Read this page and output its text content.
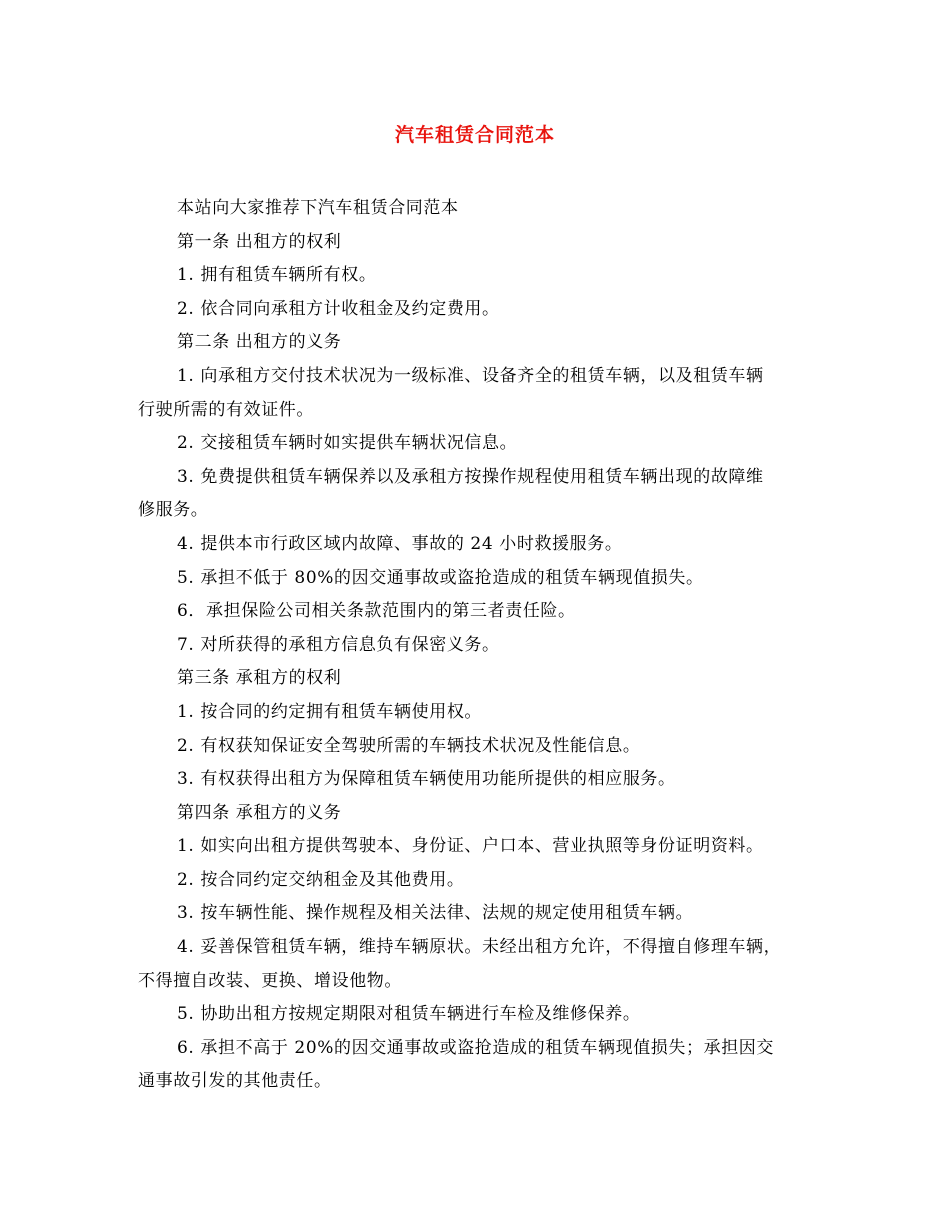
汽车租赁合同范本
本站向大家推荐下汽车租赁合同范本
第一条 出租方的权利
1. 拥有租赁车辆所有权。
2. 依合同向承租方计收租金及约定费用。
第二条 出租方的义务
1. 向承租方交付技术状况为一级标准、设备齐全的租赁车辆，以及租赁车辆
行驶所需的有效证件。
2. 交接租赁车辆时如实提供车辆状况信息。
3. 免费提供租赁车辆保养以及承租方按操作规程使用租赁车辆出现的故障维
修服务。
4. 提供本市行政区域内故障、事故的 24 小时救援服务。
5. 承担不低于 80%的因交通事故或盗抢造成的租赁车辆现值损失。
6．承担保险公司相关条款范围内的第三者责任险。
7. 对所获得的承租方信息负有保密义务。
第三条 承租方的权利
1. 按合同的约定拥有租赁车辆使用权。
2. 有权获知保证安全驾驶所需的车辆技术状况及性能信息。
3. 有权获得出租方为保障租赁车辆使用功能所提供的相应服务。
第四条 承租方的义务
1. 如实向出租方提供驾驶本、身份证、户口本、营业执照等身份证明资料。
2. 按合同约定交纳租金及其他费用。
3. 按车辆性能、操作规程及相关法律、法规的规定使用租赁车辆。
4. 妥善保管租赁车辆，维持车辆原状。未经出租方允许，不得擅自修理车辆，
不得擅自改装、更换、增设他物。
5. 协助出租方按规定期限对租赁车辆进行车检及维修保养。
6. 承担不高于 20%的因交通事故或盗抢造成的租赁车辆现值损失；承担因交
通事故引发的其他责任。
